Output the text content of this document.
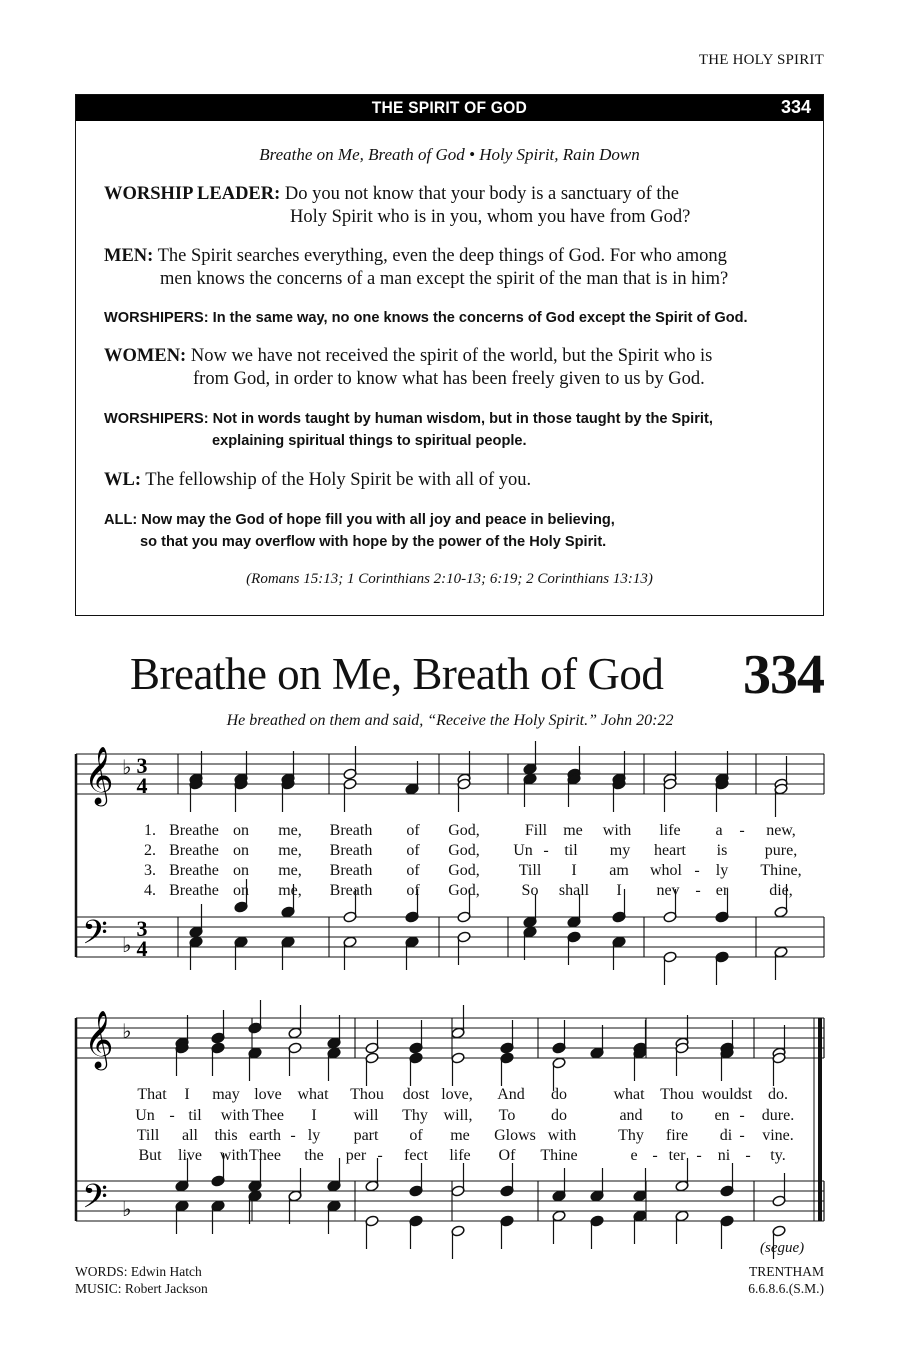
THE HOLY SPIRIT
THE SPIRIT OF GOD	334
Breathe on Me, Breath of God • Holy Spirit, Rain Down
WORSHIP LEADER: Do you not know that your body is a sanctuary of the
Holy Spirit who is in you, whom you have from God?
MEN: The Spirit searches everything, even the deep things of God. For who among
men knows the concerns of a man except the spirit of the man that is in him?
WORSHIPERS: In the same way, no one knows the concerns of God except the Spirit of God.
WOMEN: Now we have not received the spirit of the world, but the Spirit who is
from God, in order to know what has been freely given to us by God.
WORSHIPERS: Not in words taught by human wisdom, but in those taught by the Spirit,
explaining spiritual things to spiritual people.
WL: The fellowship of the Holy Spirit be with all of you.
ALL: Now may the God of hope fill you with all joy and peace in believing,
so that you may overflow with hope by the power of the Holy Spirit.
(Romans 15:13; 1 Corinthians 2:10-13; 6:19; 2 Corinthians 13:13)
Breathe on Me, Breath of God 334
He breathed on them and said, “Receive the Holy Spirit.” John 20:22
𝄞
𝄢
𝄞
𝄢
♭
♭
♭
♭
3
4
3
4
1. Breathe on me, Breath of God,	Fill me with life a - new,
2. Breathe on me, Breath of God, Un - til my heart is pure,
3. Breathe on me, Breath of God, Till I am whol - ly Thine,
4. Breathe on me, Breath of God,	So shall I nev - er	die,
That I may love what Thou dost love, And do	what Thou wouldst do.
Un - til with Thee I will Thy will, To do	and to en - dure.
Till all this earth - ly part of me Glows with	Thy fire di - vine.
But live with Thee the per - fect life Of Thine	e - ter - ni - ty.
(segue)
WORDS: Edwin Hatch
MUSIC: Robert Jackson
TRENTHAM
6.6.8.6.(S.M.)
